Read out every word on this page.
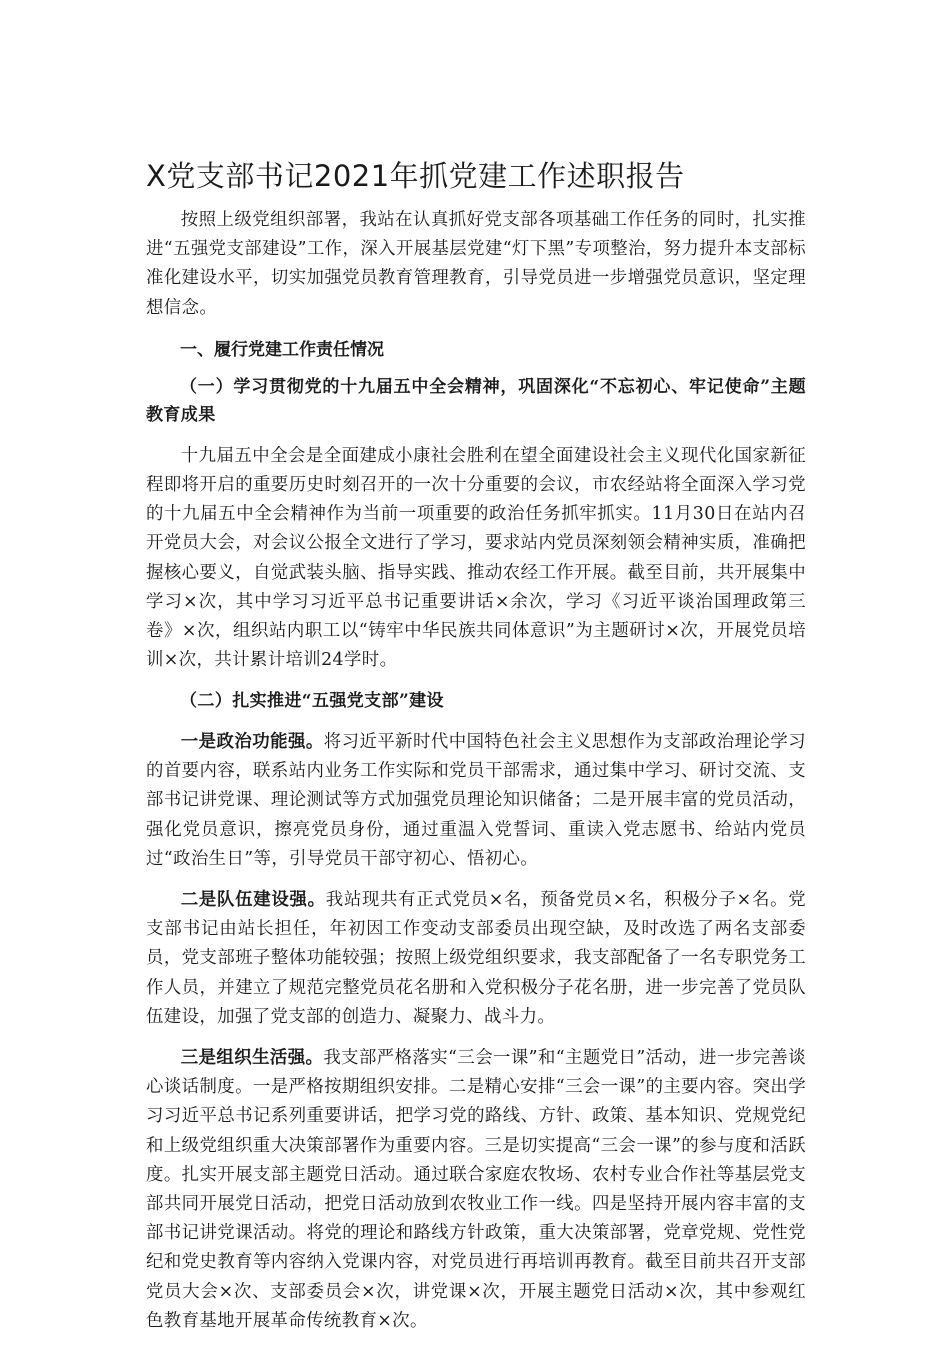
X党支部书记2021年抓党建工作述职报告

按照上级党组织部署，我站在认真抓好党支部各项基础工作任务的同时，扎实推进“五强党支部建设”工作，深入开展基层党建“灯下黑”专项整治，努力提升本支部标准化建设水平，切实加强党员教育管理教育，引导党员进一步增强党员意识，坚定理想信念。

一、履行党建工作责任情况

（一）学习贯彻党的十九届五中全会精神，巩固深化“不忘初心、牢记使命”主题教育成果

十九届五中全会是全面建成小康社会胜利在望全面建设社会主义现代化国家新征程即将开启的重要历史时刻召开的一次十分重要的会议，市农经站将全面深入学习党的十九届五中全会精神作为当前一项重要的政治任务抓牢抓实。11月30日在站内召开党员大会，对会议公报全文进行了学习，要求站内党员深刻领会精神实质，准确把握核心要义，自觉武装头脑、指导实践、推动农经工作开展。截至目前，共开展集中学习×次，其中学习习近平总书记重要讲话×余次，学习《习近平谈治国理政第三卷》×次，组织站内职工以“铸牢中华民族共同体意识”为主题研讨×次，开展党员培训×次，共计累计培训24学时。

（二）扎实推进“五强党支部”建设

一是政治功能强。将习近平新时代中国特色社会主义思想作为支部政治理论学习的首要内容，联系站内业务工作实际和党员干部需求，通过集中学习、研讨交流、支部书记讲党课、理论测试等方式加强党员理论知识储备；二是开展丰富的党员活动，强化党员意识，擦亮党员身份，通过重温入党誓词、重读入党志愿书、给站内党员过“政治生日”等，引导党员干部守初心、悟初心。

二是队伍建设强。我站现共有正式党员×名，预备党员×名，积极分子×名。党支部书记由站长担任，年初因工作变动支部委员出现空缺，及时改选了两名支部委员，党支部班子整体功能较强；按照上级党组织要求，我支部配备了一名专职党务工作人员，并建立了规范完整党员花名册和入党积极分子花名册，进一步完善了党员队伍建设，加强了党支部的创造力、凝聚力、战斗力。

三是组织生活强。我支部严格落实“三会一课”和“主题党日”活动，进一步完善谈心谈话制度。一是严格按期组织安排。二是精心安排“三会一课”的主要内容。突出学习习近平总书记系列重要讲话，把学习党的路线、方针、政策、基本知识、党规党纪和上级党组织重大决策部署作为重要内容。三是切实提高“三会一课”的参与度和活跃度。扎实开展支部主题党日活动。通过联合家庭农牧场、农村专业合作社等基层党支部共同开展党日活动，把党日活动放到农牧业工作一线。四是坚持开展内容丰富的支部书记讲党课活动。将党的理论和路线方针政策，重大决策部署，党章党规、党性党纪和党史教育等内容纳入党课内容，对党员进行再培训再教育。截至目前共召开支部党员大会×次、支部委员会×次，讲党课×次，开展主题党日活动×次，其中参观红色教育基地开展革命传统教育×次。
